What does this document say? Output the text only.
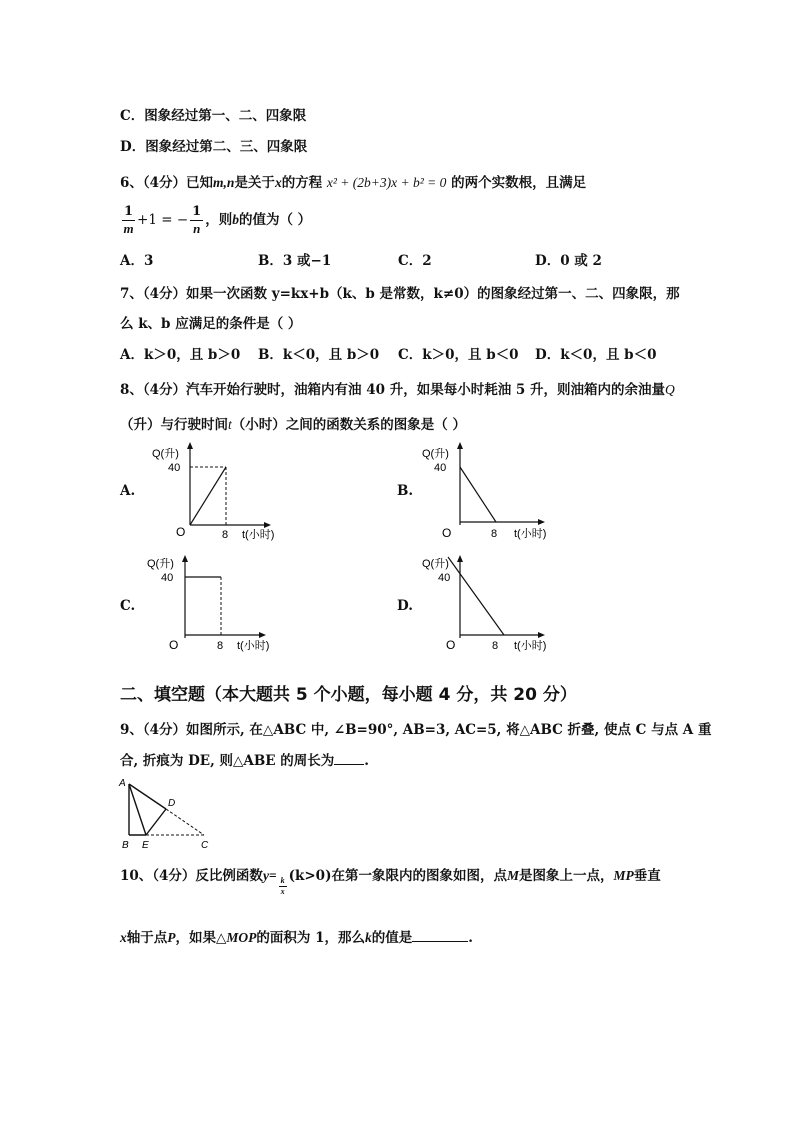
C．图象经过第一、二、四象限
D．图象经过第二、三、四象限
6、（4分）已知m,n是关于x的方程 x² + (2b+3)x + b² = 0 的两个实数根，且满足
$\frac{1}{m} +1$ = − $\frac{1}{n}$ ，则b的值为（ ）
A．3	B．3 或−1	C．2	D．0 或 2
7、（4分）如果一次函数 y=kx+b（k、b 是常数，k≠0）的图象经过第一、二、四象限，那
么 k、b 应满足的条件是（ ）
A．k＞0，且 b＞0 B．k＜0，且 b＞0 C．k＞0，且 b＜0 D．k＜0，且 b＜0
8、（4分）汽车开始行驶时，油箱内有油 40 升，如果每小时耗油 5 升，则油箱内的余油量Q
（升）与行驶时间t（小时）之间的函数关系的图象是（ ）
A.
Q(升)
40
O	8 t(小时)
B.
Q(升)
40
O	8 t(小时)
C.
Q(升)
40
O	8 t(小时)
D.
Q(升)
40
O	8 t(小时)
二、填空题（本大题共 5 个小题，每小题 4 分，共 20 分）
9、（4分）如图所示, 在△ABC 中, ∠B=90°, AB=3, AC=5, 将△ABC 折叠, 使点 C 与点 A 重
合, 折痕为 DE, 则△ABE 的周长为 .
A
B E
D
C
10、（4分）反比例函数y=
$\frac{k}{x} (k>0)$在第一象限内的图象如图，点M是图象上一点，MP垂直
x轴于点P，如果△MOP的面积为 1，那么k的值是	.
